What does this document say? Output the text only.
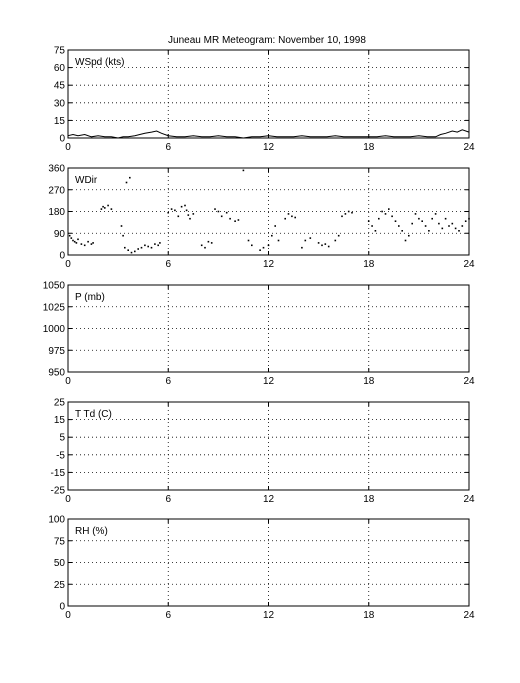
Juneau MR Meteogram: November 10, 1998
0	6	12	18	24
0
15
30
45
60
75
WSpd (kts)
0	6	12	18	24
0
90
180
270
360
WDir
0	6	12	18	24
950
975
1000
1025
1050
P (mb)
0	6	12	18	24
-25
-15
-5
5
15
25
T Td (C)
0	6	12	18	24
0
25
50
75
100
RH (%)
